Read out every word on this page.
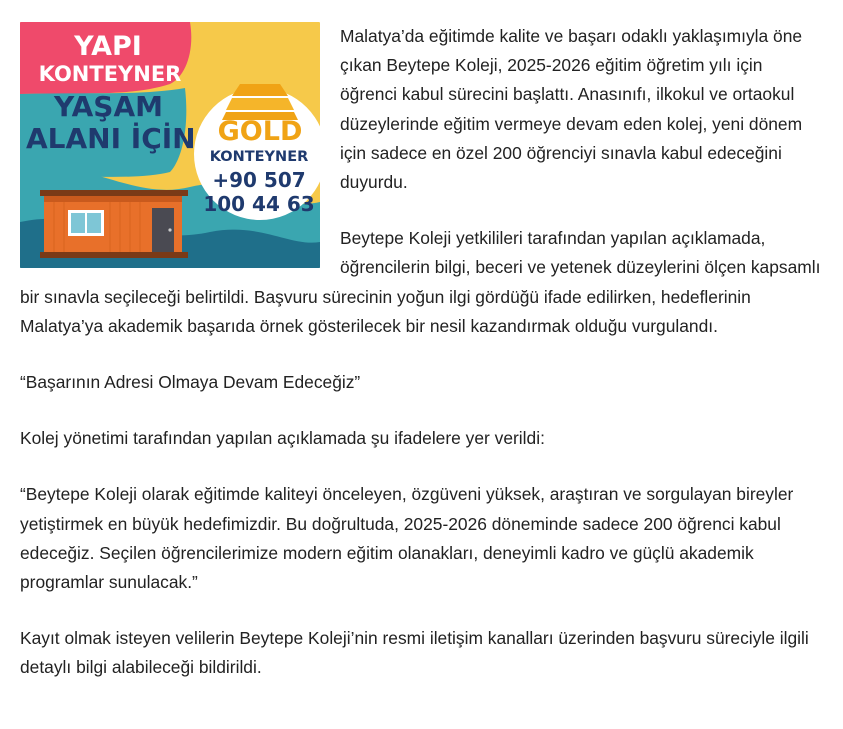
YAPI
KONTEYNER
YAŞAM
ALANI İÇİN GOLD
KONTEYNER
+90 507
100 44 63

Malatya’da eğitimde kalite ve başarı odaklı yaklaşımıyla öne çıkan Beytepe Koleji, 2025-2026 eğitim öğretim yılı için öğrenci kabul sürecini başlattı. Anasınıfı, ilkokul ve ortaokul düzeylerinde eğitim vermeye devam eden kolej, yeni dönem için sadece en özel 200 öğrenciyi sınavla kabul edeceğini duyurdu.

Beytepe Koleji yetkilileri tarafından yapılan açıklamada, öğrencilerin bilgi, beceri ve yetenek düzeylerini ölçen kapsamlı bir sınavla seçileceği belirtildi. Başvuru sürecinin yoğun ilgi gördüğü ifade edilirken, hedeflerinin Malatya’ya akademik başarıda örnek gösterilecek bir nesil kazandırmak olduğu vurgulandı.

“Başarının Adresi Olmaya Devam Edeceğiz”

Kolej yönetimi tarafından yapılan açıklamada şu ifadelere yer verildi:

“Beytepe Koleji olarak eğitimde kaliteyi önceleyen, özgüveni yüksek, araştıran ve sorgulayan bireyler yetiştirmek en büyük hedefimizdir. Bu doğrultuda, 2025-2026 döneminde sadece 200 öğrenci kabul edeceğiz. Seçilen öğrencilerimize modern eğitim olanakları, deneyimli kadro ve güçlü akademik programlar sunulacak.”

Kayıt olmak isteyen velilerin Beytepe Koleji’nin resmi iletişim kanalları üzerinden başvuru süreciyle ilgili detaylı bilgi alabileceği bildirildi.
